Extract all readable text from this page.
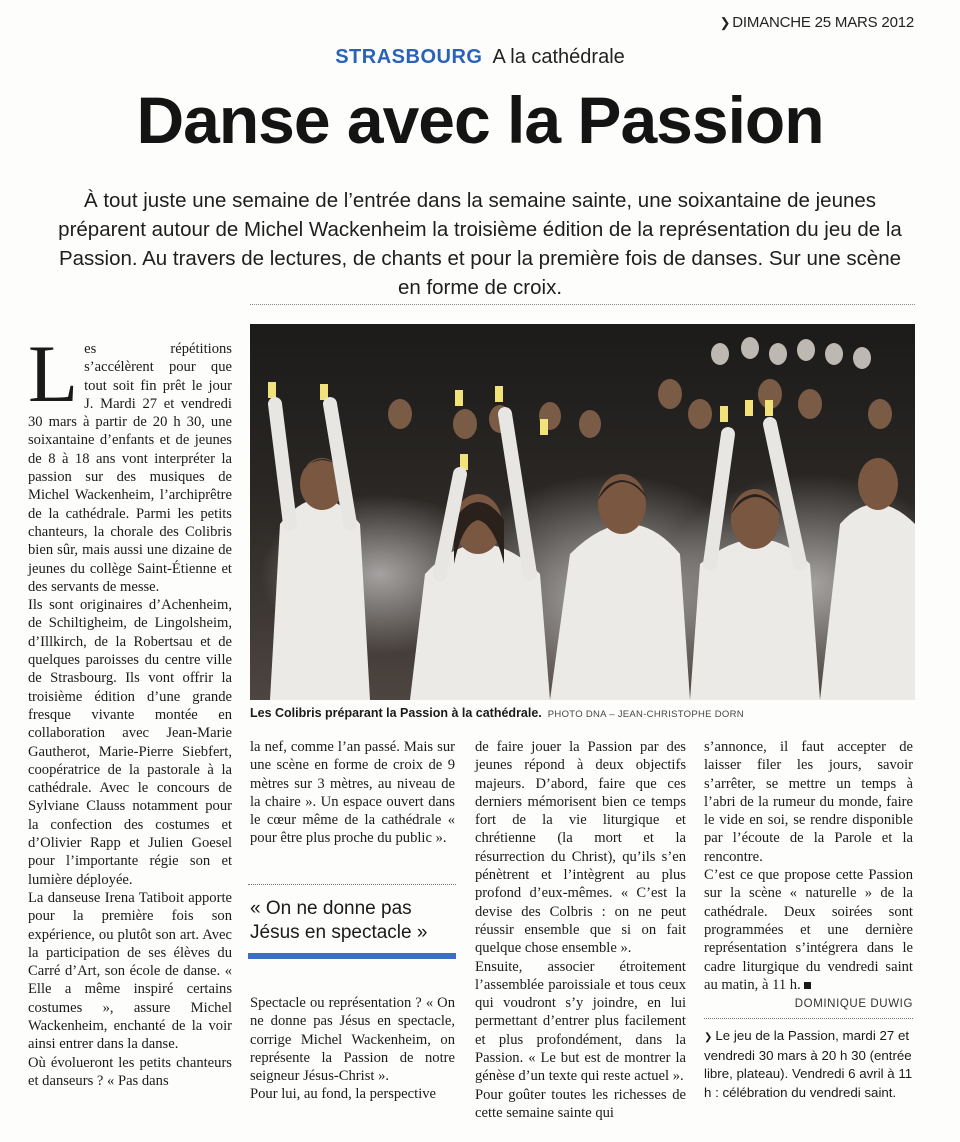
❯ DIMANCHE 25 MARS 2012
STRASBOURG A la cathédrale
Danse avec la Passion
À tout juste une semaine de l’entrée dans la semaine sainte, une soixantaine de jeunes préparent autour de Michel Wackenheim la troisième édition de la représentation du jeu de la Passion. Au travers de lectures, de chants et pour la première fois de danses. Sur une scène en forme de croix.

Les répétitions s’accélèrent pour que tout soit fin prêt le jour J. Mardi 27 et vendredi 30 mars à partir de 20 h 30, une soixantaine d’enfants et de jeunes de 8 à 18 ans vont interpréter la passion sur des musiques de Michel Wackenheim, l’archiprêtre de la cathédrale. Parmi les petits chanteurs, la chorale des Colibris bien sûr, mais aussi une dizaine de jeunes du collège Saint-Étienne et des servants de messe.

Ils sont originaires d’Achenheim, de Schiltigheim, de Lingolsheim, d’Illkirch, de la Robertsau et de quelques paroisses du centre ville de Strasbourg. Ils vont offrir la troisième édition d’une grande fresque vivante montée en collaboration avec Jean-Marie Gautherot, Marie-Pierre Siebfert, coopératrice de la pastorale à la cathédrale. Avec le concours de Sylviane Clauss notamment pour la confection des costumes et d’Olivier Rapp et Julien Goesel pour l’importante régie son et lumière déployée.

La danseuse Irena Tatiboit apporte pour la première fois son expérience, ou plutôt son art. Avec la participation de ses élèves du Carré d’Art, son école de danse. « Elle a même inspiré certains costumes », assure Michel Wackenheim, enchanté de la voir ainsi entrer dans la danse.

Où évolueront les petits chanteurs et danseurs ? « Pas dans

Les Colibris préparant la Passion à la cathédrale. PHOTO DNA – JEAN-CHRISTOPHE DORN

la nef, comme l’an passé. Mais sur une scène en forme de croix de 9 mètres sur 3 mètres, au niveau de la chaire ». Un espace ouvert dans le cœur même de la cathédrale « pour être plus proche du public ».

« On ne donne pas Jésus en spectacle »

Spectacle ou représentation ? « On ne donne pas Jésus en spectacle, corrige Michel Wackenheim, on représente la Passion de notre seigneur Jésus-Christ ».

Pour lui, au fond, la perspective

de faire jouer la Passion par des jeunes répond à deux objectifs majeurs. D’abord, faire que ces derniers mémorisent bien ce temps fort de la vie liturgique et chrétienne (la mort et la résurrection du Christ), qu’ils s’en pénètrent et l’intègrent au plus profond d’eux-mêmes. « C’est la devise des Colbris : on ne peut réussir ensemble que si on fait quelque chose ensemble ».

Ensuite, associer étroitement l’assemblée paroissiale et tous ceux qui voudront s’y joindre, en lui permettant d’entrer plus facilement et plus profondément, dans la Passion. « Le but est de montrer la génèse d’un texte qui reste actuel ».

Pour goûter toutes les richesses de cette semaine sainte qui

s’annonce, il faut accepter de laisser filer les jours, savoir s’arrêter, se mettre un temps à l’abri de la rumeur du monde, faire le vide en soi, se rendre disponible par l’écoute de la Parole et la rencontre.

C’est ce que propose cette Passion sur la scène « naturelle » de la cathédrale. Deux soirées sont programmées et une dernière représentation s’intégrera dans le cadre liturgique du vendredi saint au matin, à 11 h.

DOMINIQUE DUWIG
❯ Le jeu de la Passion, mardi 27 et vendredi 30 mars à 20 h 30 (entrée libre, plateau). Vendredi 6 avril à 11 h : célébration du vendredi saint.
